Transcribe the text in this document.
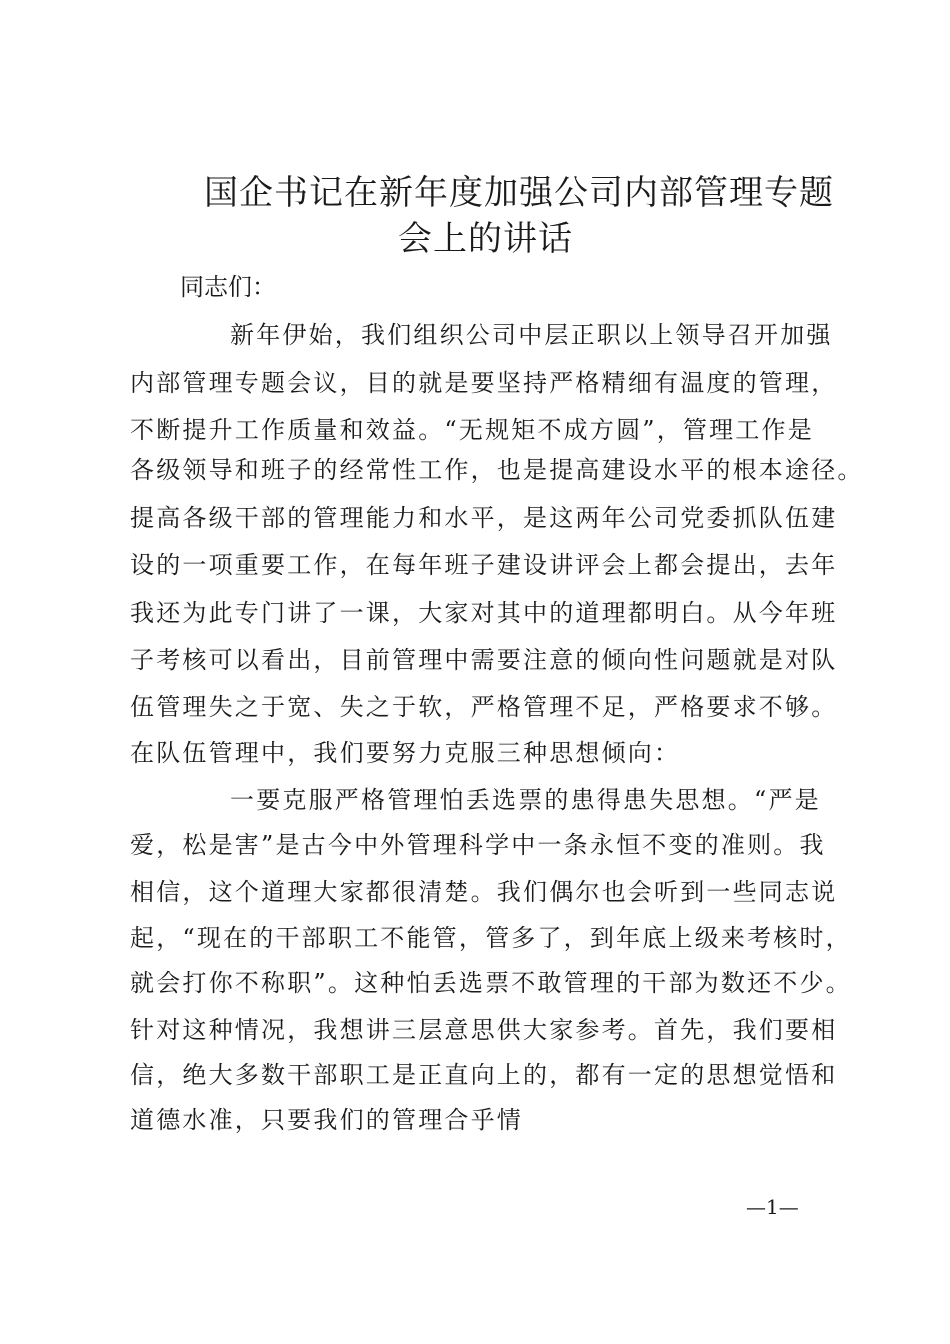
国企书记在新年度加强公司内部管理专题
会上的讲话
同志们：
新年伊始，我们组织公司中层正职以上领导召开加强
内部管理专题会议，目的就是要坚持严格精细有温度的管理，
不断提升工作质量和效益。“无规矩不成方圆”，管理工作是
各级领导和班子的经常性工作，也是提高建设水平的根本途径。
提高各级干部的管理能力和水平，是这两年公司党委抓队伍建
设的一项重要工作，在每年班子建设讲评会上都会提出，去年
我还为此专门讲了一课，大家对其中的道理都明白。从今年班
子考核可以看出，目前管理中需要注意的倾向性问题就是对队
伍管理失之于宽、失之于软，严格管理不足，严格要求不够。
在队伍管理中，我们要努力克服三种思想倾向：
一要克服严格管理怕丢选票的患得患失思想。“严是
爱，松是害”是古今中外管理科学中一条永恒不变的准则。我
相信，这个道理大家都很清楚。我们偶尔也会听到一些同志说
起，“现在的干部职工不能管，管多了，到年底上级来考核时，
就会打你不称职”。这种怕丢选票不敢管理的干部为数还不少。
针对这种情况，我想讲三层意思供大家参考。首先，我们要相
信，绝大多数干部职工是正直向上的，都有一定的思想觉悟和
道德水准，只要我们的管理合乎情
—1—
